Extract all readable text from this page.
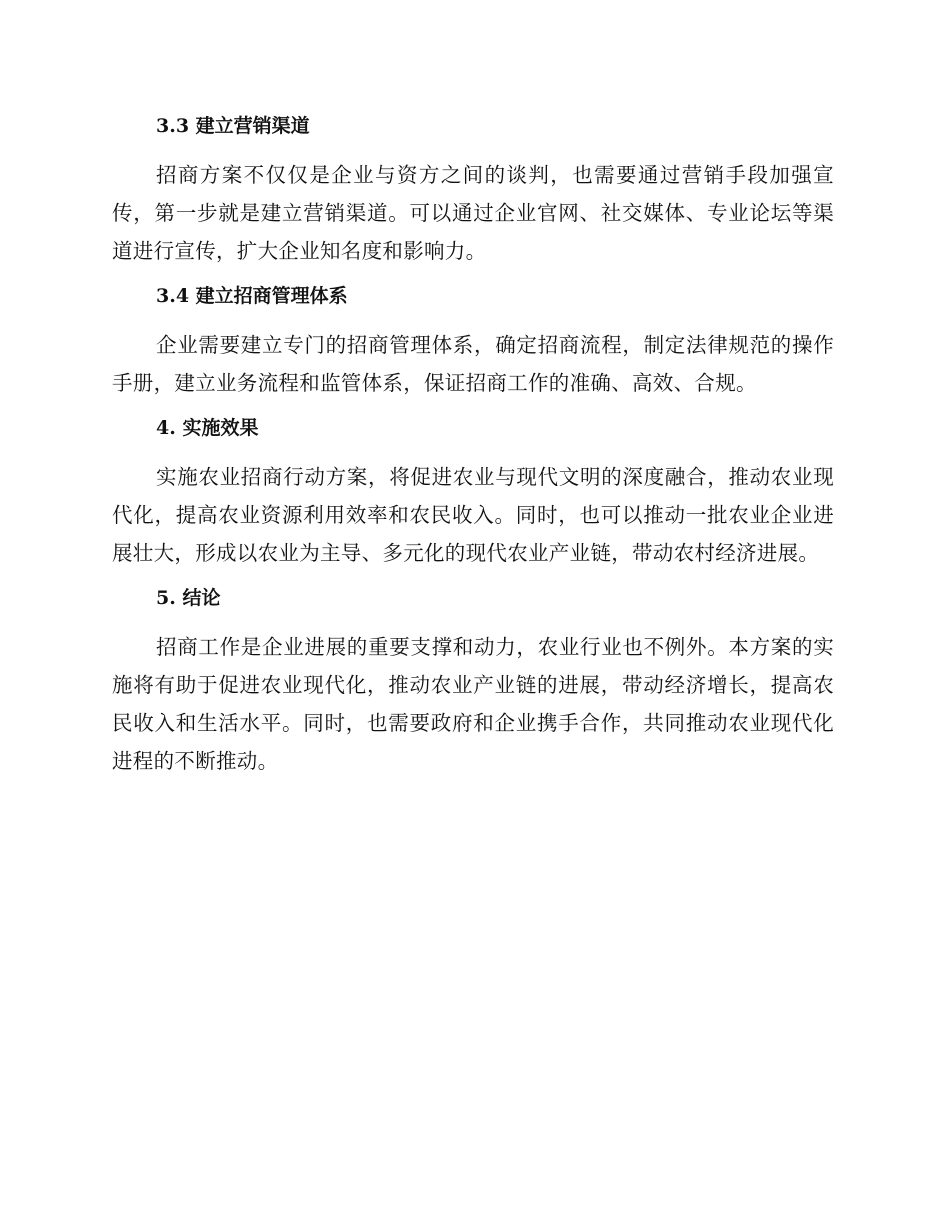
3.3 建立营销渠道

招商方案不仅仅是企业与资方之间的谈判，也需要通过营销手段加强宣传，第一步就是建立营销渠道。可以通过企业官网、社交媒体、专业论坛等渠道进行宣传，扩大企业知名度和影响力。

3.4 建立招商管理体系

企业需要建立专门的招商管理体系，确定招商流程，制定法律规范的操作手册，建立业务流程和监管体系，保证招商工作的准确、高效、合规。

4. 实施效果

实施农业招商行动方案，将促进农业与现代文明的深度融合，推动农业现代化，提高农业资源利用效率和农民收入。同时，也可以推动一批农业企业进展壮大，形成以农业为主导、多元化的现代农业产业链，带动农村经济进展。

5. 结论

招商工作是企业进展的重要支撑和动力，农业行业也不例外。本方案的实施将有助于促进农业现代化，推动农业产业链的进展，带动经济增长，提高农民收入和生活水平。同时，也需要政府和企业携手合作，共同推动农业现代化进程的不断推动。
